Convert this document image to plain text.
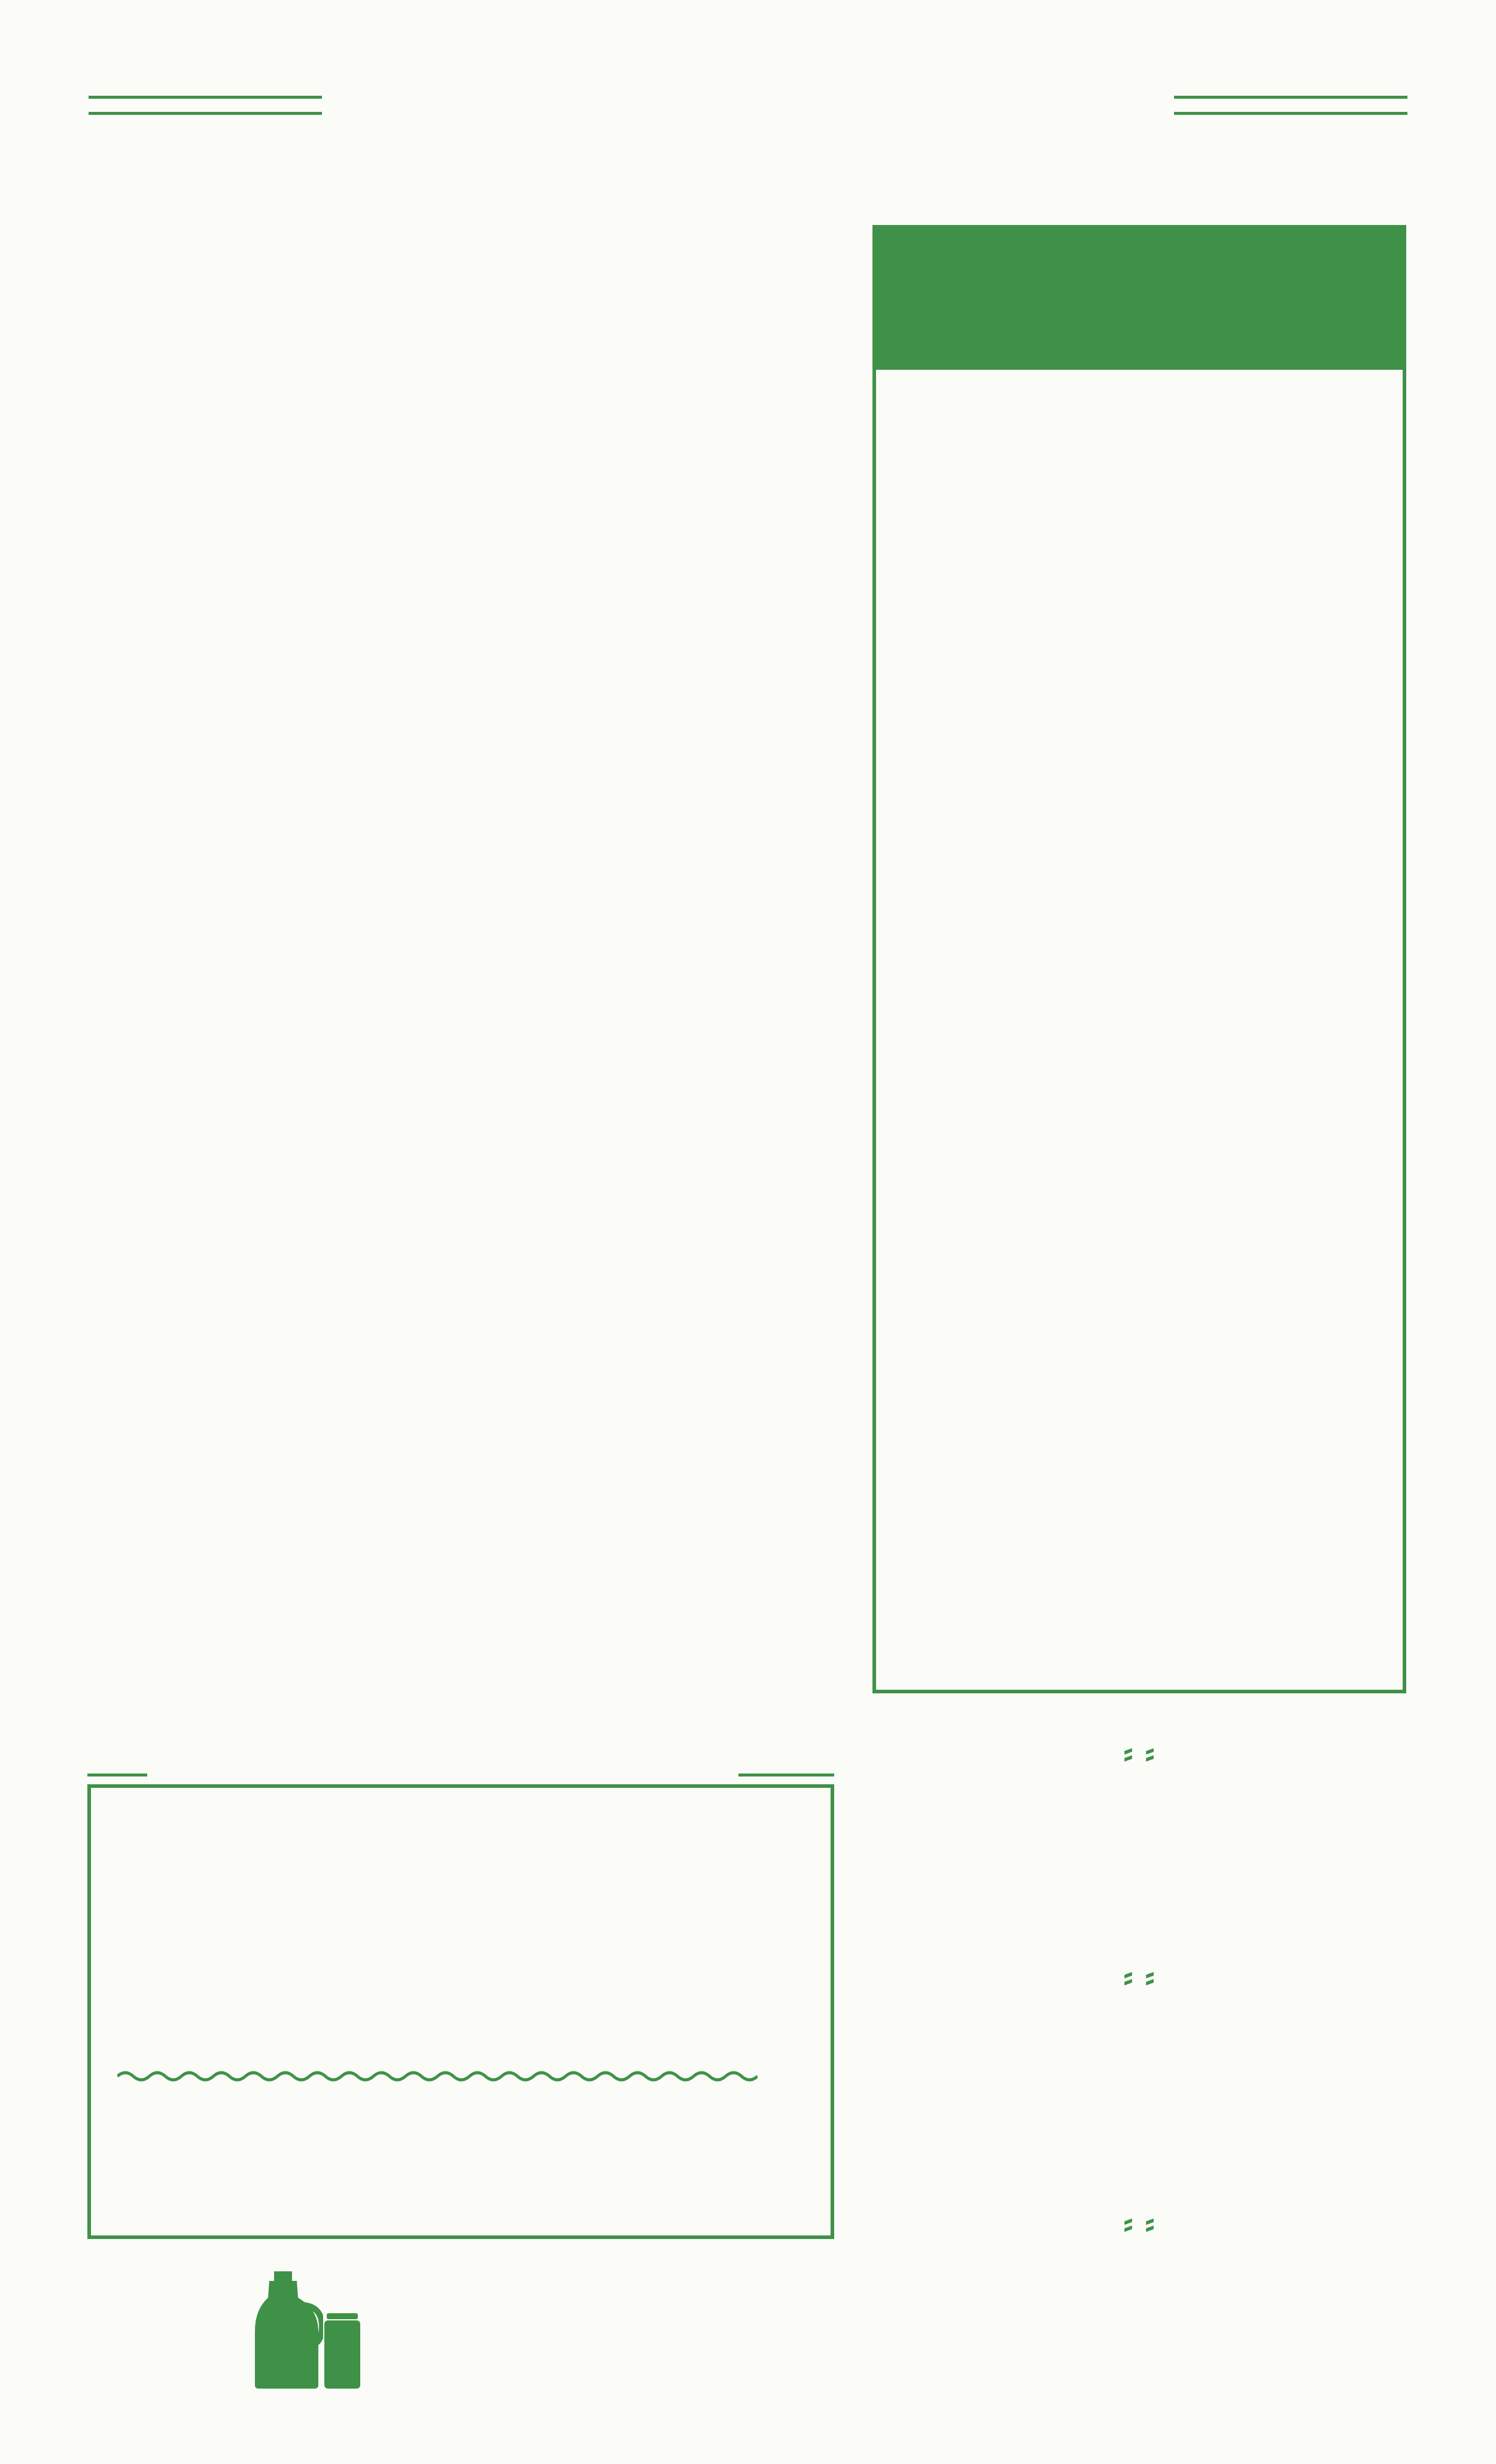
⸗ ⸗
⸗ ⸗
⸗ ⸗
